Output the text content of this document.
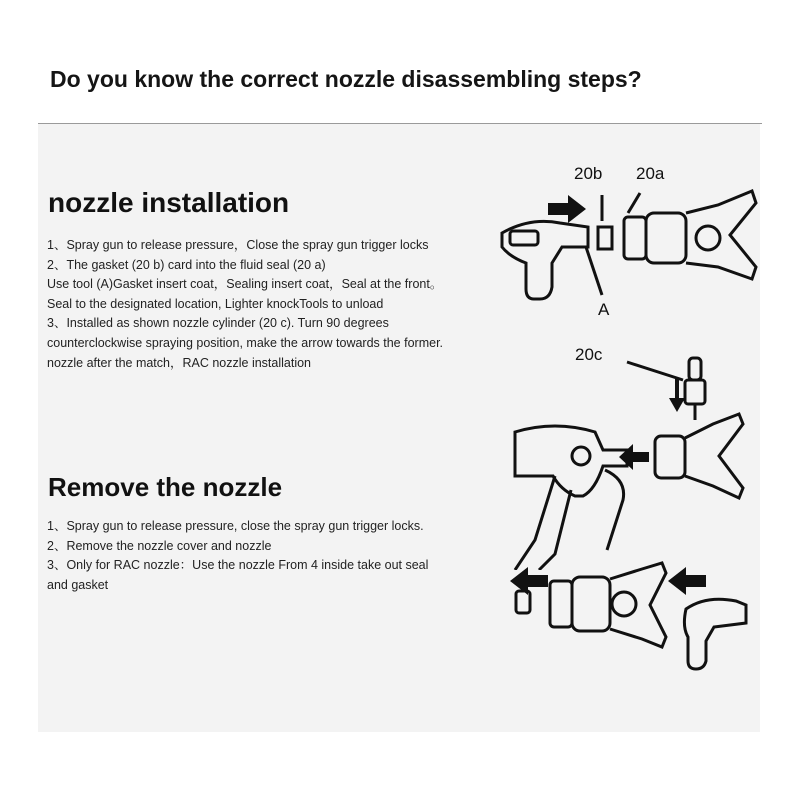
Do you know the correct nozzle disassembling steps?
nozzle installation
1、Spray gun to release pressure，Close the spray gun trigger locks
2、The gasket (20 b) card into the fluid seal (20 a)
Use tool (A)Gasket insert coat，Sealing insert coat，Seal at the front。
Seal to the designated location, Lighter knockTools to unload
3、Installed as shown nozzle cylinder (20 c). Turn 90 degrees
counterclockwise spraying position, make the arrow towards the former.
nozzle after the match，RAC nozzle installation
Remove the nozzle
1、Spray gun to release pressure, close the spray gun trigger locks.
2、Remove the nozzle cover and nozzle
3、Only for RAC nozzle：Use the nozzle From 4 inside take out seal
and gasket
20b 20a
A
20c
